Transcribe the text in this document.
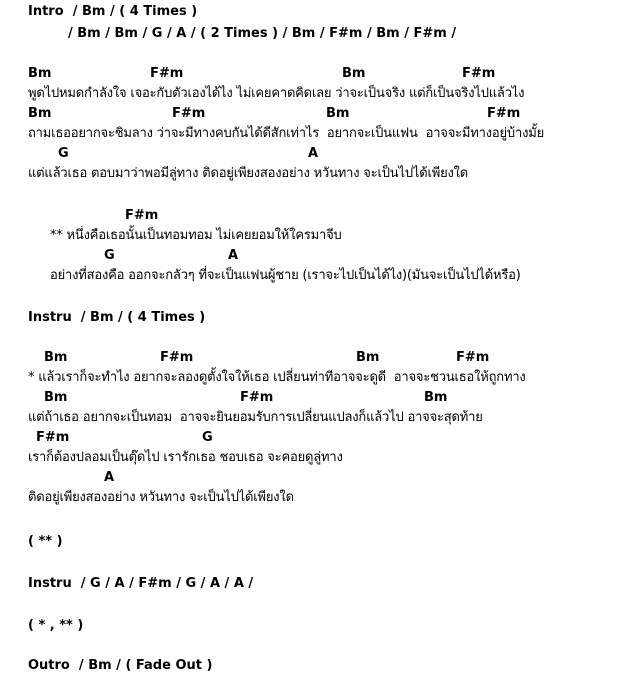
Intro  / Bm / ( 4 Times )
/ Bm / Bm / G / A / ( 2 Times ) / Bm / F#m / Bm / F#m /
Bm	F#m	Bm	F#m
พูดไปหมดกำลังใจ เจอะกับตัวเองได้ไง ไม่เคยคาดคิดเลย ว่าจะเป็นจริง แต่ก็เป็นจริงไปแล้วไง
Bm	F#m	Bm	F#m
ถามเธออยากจะชิมลาง ว่าจะมีทางคบกันได้ดีสักเท่าไร  อยากจะเป็นแฟน  อาจจะมีทางอยู่บ้างมั้ย
G	A
แต่แล้วเธอ ตอบมาว่าพอมีลู่ทาง ติดอยู่เพียงสองอย่าง หวันทาง จะเป็นไปได้เพียงใด
F#m
** หนึ่งคือเธอนั้นเป็นทอมทอม ไม่เคยยอมให้ใครมาจีบ
G	A
อย่างที่สองคือ ออกจะกลัวๆ ที่จะเป็นแฟนผู้ชาย (เราจะไปเป็นได้ไง)(มันจะเป็นไปได้หรือ)
Instru  / Bm / ( 4 Times )
Bm	F#m	Bm	F#m
* แล้วเราก็จะทำไง อยากจะลองดูตั้งใจให้เธอ เปลี่ยนท่าทีอาจจะดูดี  อาจจะชวนเธอให้ถูกทาง
Bm	F#m	Bm
แต่ถ้าเธอ อยากจะเป็นทอม  อาจจะยินยอมรับการเปลี่ยนแปลงก็แล้วไป อาจจะสุดท้าย
F#m	G
เราก็ต้องปลอมเป็นตุ๊ดไป เรารักเธอ ชอบเธอ จะคอยดูลู่ทาง
A
ติดอยู่เพียงสองอย่าง หวันทาง จะเป็นไปได้เพียงใด
( ** )
Instru  / G / A / F#m / G / A / A /
( * , ** )
Outro  / Bm / ( Fade Out )
